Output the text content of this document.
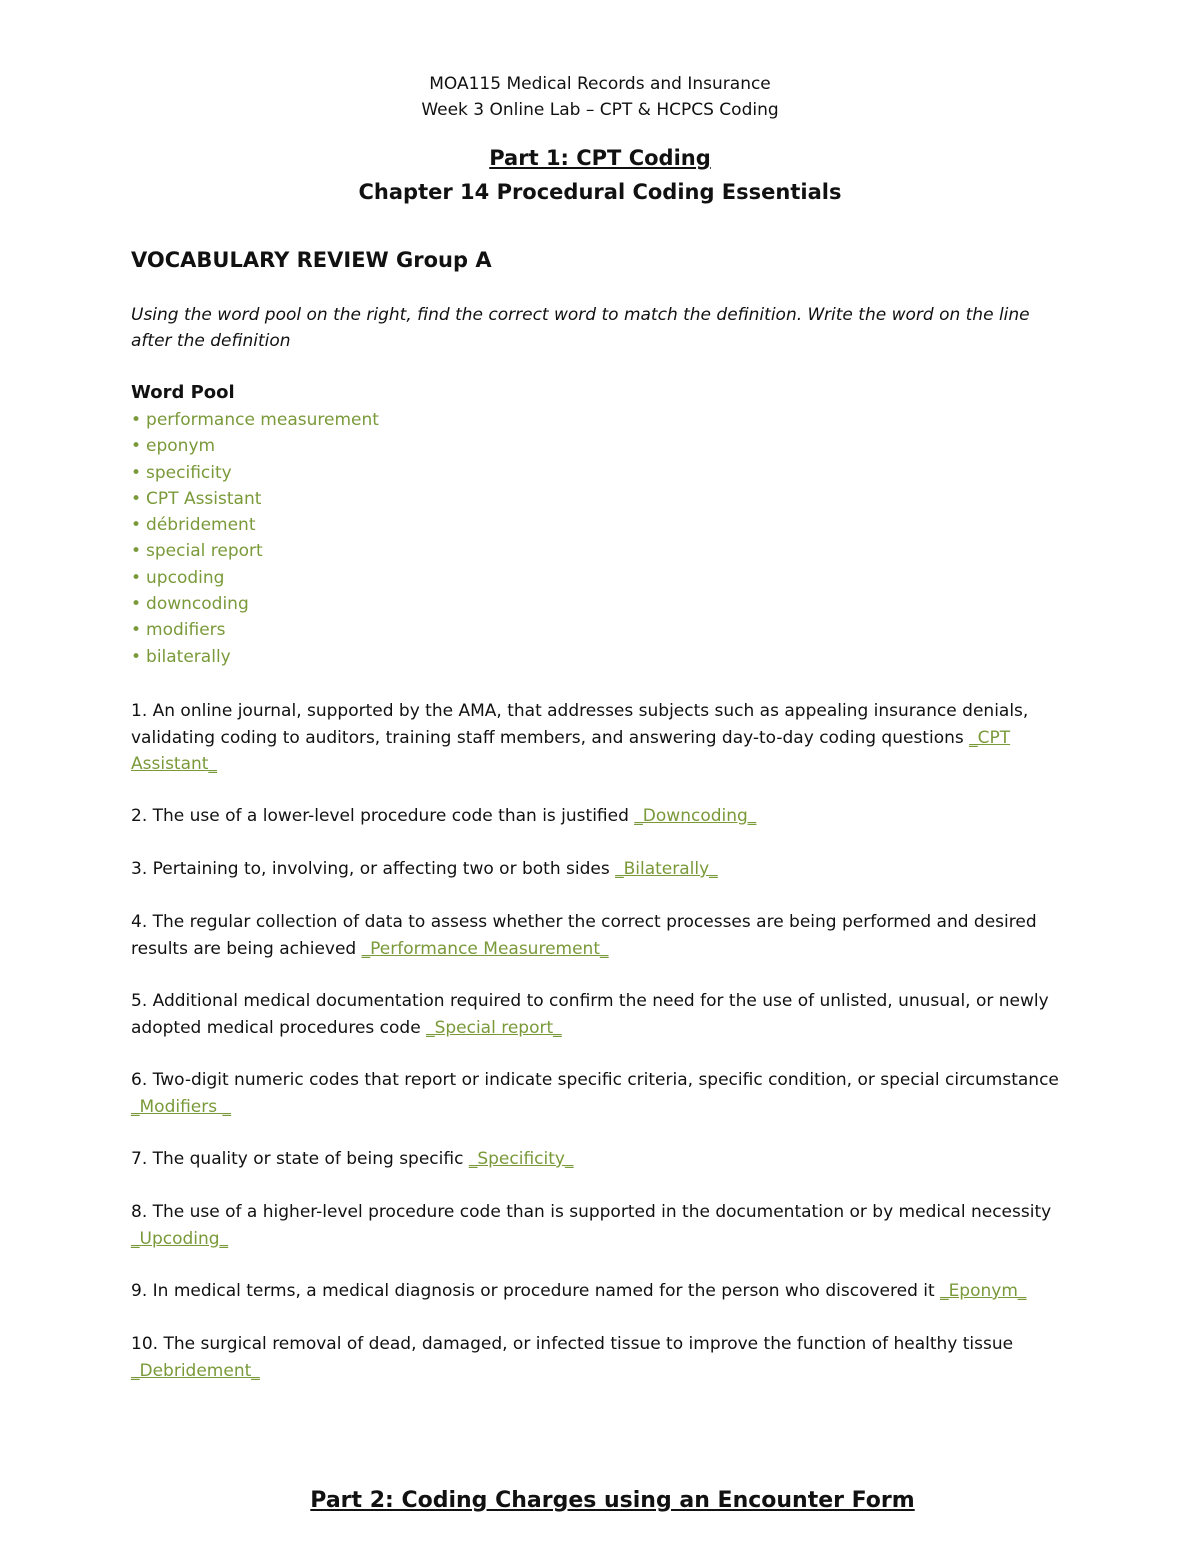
MOA115 Medical Records and Insurance
Week 3 Online Lab – CPT & HCPCS Coding
Part 1: CPT Coding
Chapter 14 Procedural Coding Essentials
VOCABULARY REVIEW Group A
Using the word pool on the right, find the correct word to match the definition. Write the word on the line after the definition
Word Pool
• performance measurement
• eponym
• specificity
• CPT Assistant
• débridement
• special report
• upcoding
• downcoding
• modifiers
• bilaterally
1. An online journal, supported by the AMA, that addresses subjects such as appealing insurance denials, validating coding to auditors, training staff members, and answering day-to-day coding questions _CPT Assistant_
2. The use of a lower-level procedure code than is justified _Downcoding_
3. Pertaining to, involving, or affecting two or both sides _Bilaterally_
4. The regular collection of data to assess whether the correct processes are being performed and desired results are being achieved _Performance Measurement_
5. Additional medical documentation required to confirm the need for the use of unlisted, unusual, or newly adopted medical procedures code _Special report_
6. Two-digit numeric codes that report or indicate specific criteria, specific condition, or special circumstance _Modifiers _
7. The quality or state of being specific _Specificity_
8. The use of a higher-level procedure code than is supported in the documentation or by medical necessity _Upcoding_
9. In medical terms, a medical diagnosis or procedure named for the person who discovered it _Eponym_
10. The surgical removal of dead, damaged, or infected tissue to improve the function of healthy tissue _Debridement_
Part 2: Coding Charges using an Encounter Form
